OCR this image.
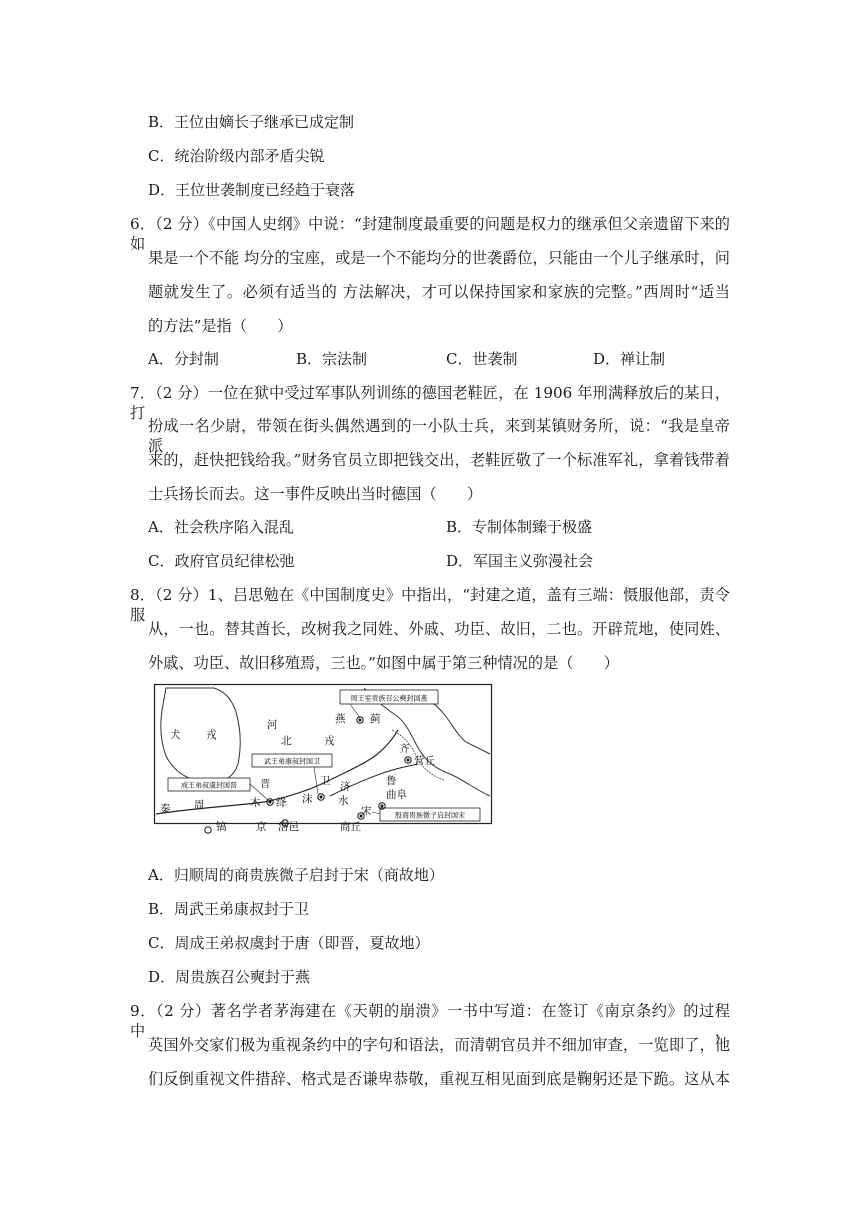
B．王位由嫡长子继承已成定制
C．统治阶级内部矛盾尖锐
D．王位世袭制度已经趋于衰落
6．（2 分）《中国人史纲》中说：“封建制度最重要的问题是权力的继承但父亲遗留下来的如
果是一个不能 均分的宝座，或是一个不能均分的世袭爵位，只能由一个儿子继承时，问
题就发生了。必须有适当的 方法解决，才可以保持国家和家族的完整。”西周时“适当
的方法”是指（　　）
A．分封制	B．宗法制	C．世袭制	D．禅让制
7．（2 分）一位在狱中受过军事队列训练的德国老鞋匠，在 1906 年刑满释放后的某日，打
扮成一名少尉，带领在街头偶然遇到的一小队士兵，来到某镇财务所，说：“我是皇帝派
来的，赶快把钱给我。”财务官员立即把钱交出，老鞋匠敬了一个标准军礼，拿着钱带着
士兵扬长而去。这一事件反映出当时德国（　　）
A．社会秩序陷入混乱	B．专制体制臻于极盛
C．政府官员纪律松弛	D．军国主义弥漫社会
8．（2 分）1、吕思勉在《中国制度史》中指出，“封建之道，盖有三端：慑服他部，责令服
从，一也。替其酋长，改树我之同姓、外戚、功臣、故旧，二也。开辟荒地，使同姓、
外戚、功臣、故旧移殖焉，三也。”如图中属于第三种情况的是（　　）
周王室贵族召公奭封国燕
武王弟康叔封国卫
成王弟叔虞封国晋
殷商贵族微子启封国宋
燕 蓟
河
北	戎
犬 戎
齐
营丘
卫
晋
绛 沫
鲁
曲阜
济
秦 周	木	水
宋
镐	京 洛邑	商丘
A．归顺周的商贵族微子启封于宋（商故地）
B．周武王弟康叔封于卫
C．周成王弟叔虞封于唐（即晋，夏故地）
D．周贵族召公奭封于燕
9．（2 分）著名学者茅海建在《天朝的崩溃》一书中写道：在签订《南京条约》的过程中，
英国外交家们极为重视条约中的字句和语法，而清朝官员并不细加审查，一览即了，他
们反倒重视文件措辞、格式是否谦卑恭敬，重视互相见面到底是鞠躬还是下跪。这从本
